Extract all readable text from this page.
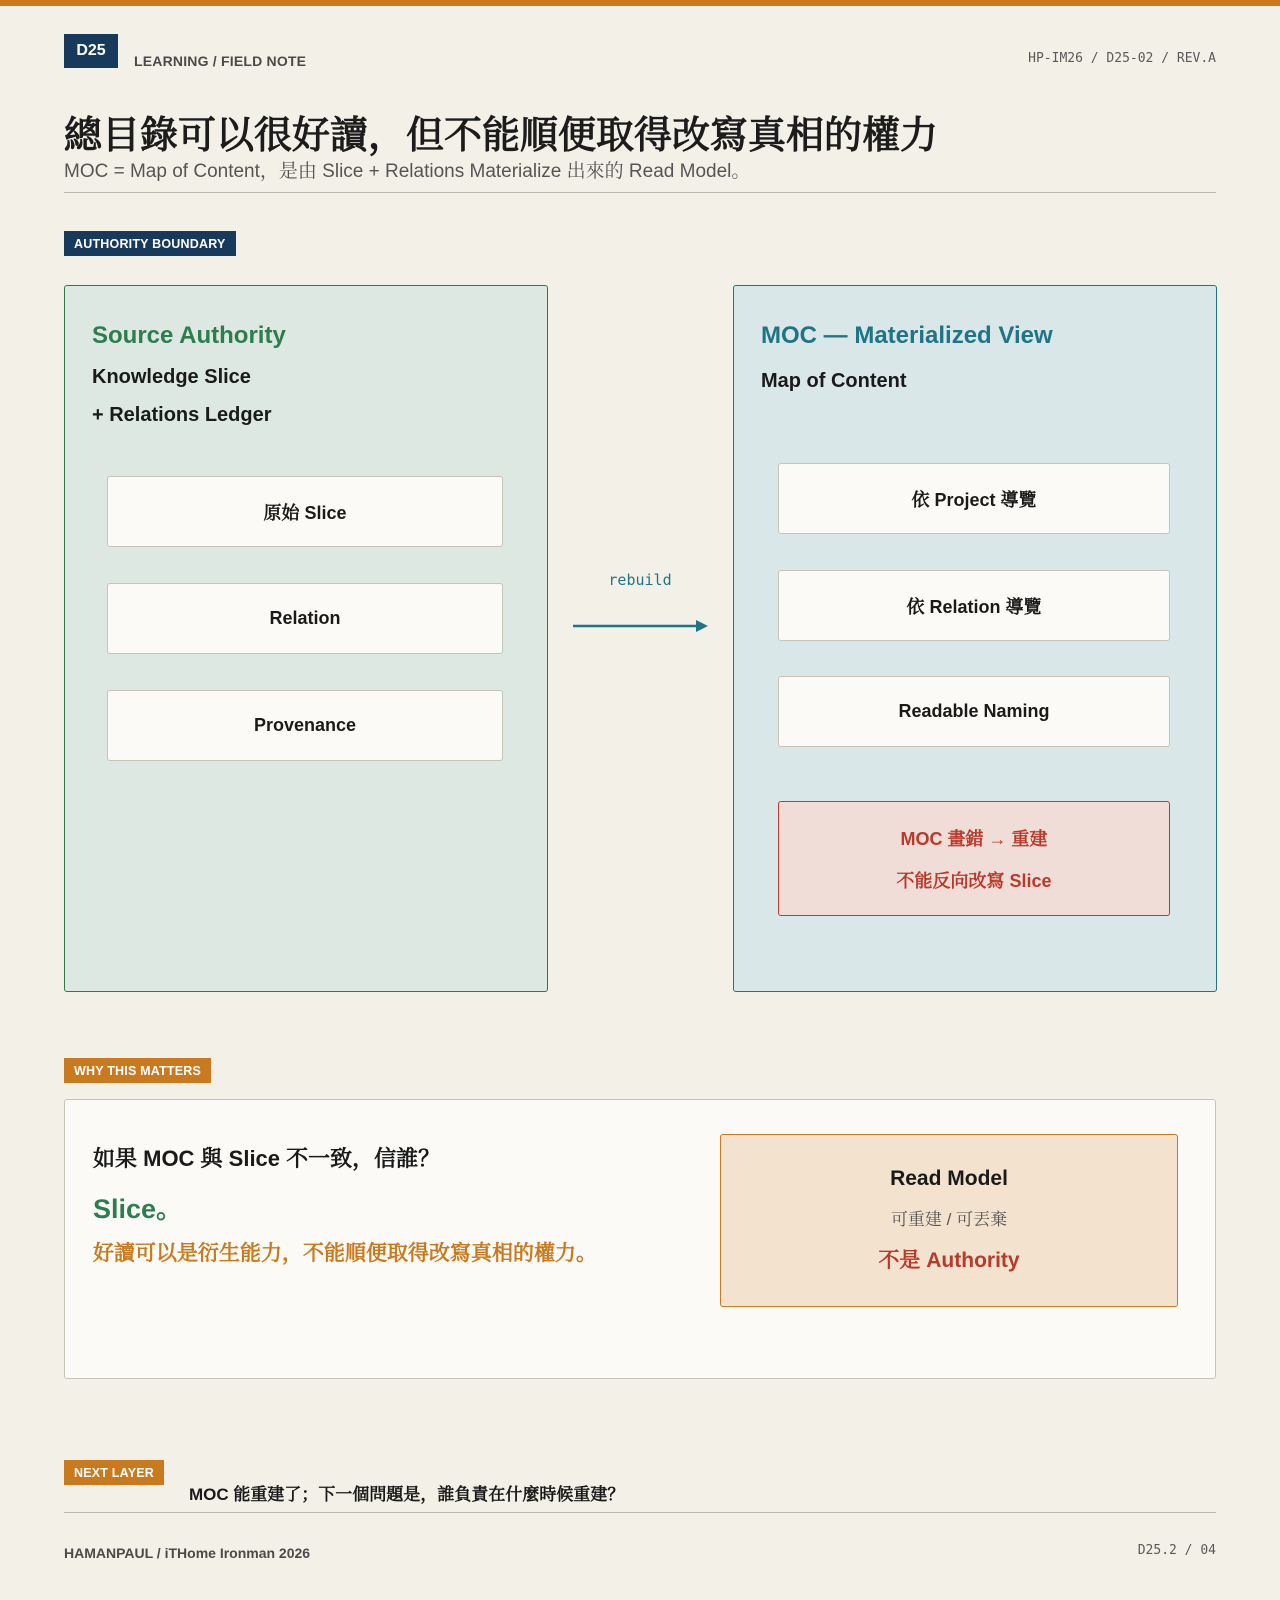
D25
LEARNING / FIELD NOTE	HP-IM26 / D25-02 / REV.A
總目錄可以很好讀，但不能順便取得改寫真相的權力
MOC = Map of Content，是由 Slice + Relations Materialize 出來的 Read Model。
AUTHORITY BOUNDARY
Source Authority
Knowledge Slice
+ Relations Ledger
原始 Slice
Relation
Provenance
rebuild
MOC — Materialized View
Map of Content
依 Project 導覽
依 Relation 導覽
Readable Naming
MOC 畫錯 → 重建
不能反向改寫 Slice
WHY THIS MATTERS
如果 MOC 與 Slice 不一致，信誰？
Slice。
好讀可以是衍生能力，不能順便取得改寫真相的權力。
Read Model
可重建 / 可丟棄
不是 Authority
NEXT LAYER
MOC 能重建了；下一個問題是，誰負責在什麼時候重建？
HAMANPAUL / iTHome Ironman 2026	D25.2 / 04
